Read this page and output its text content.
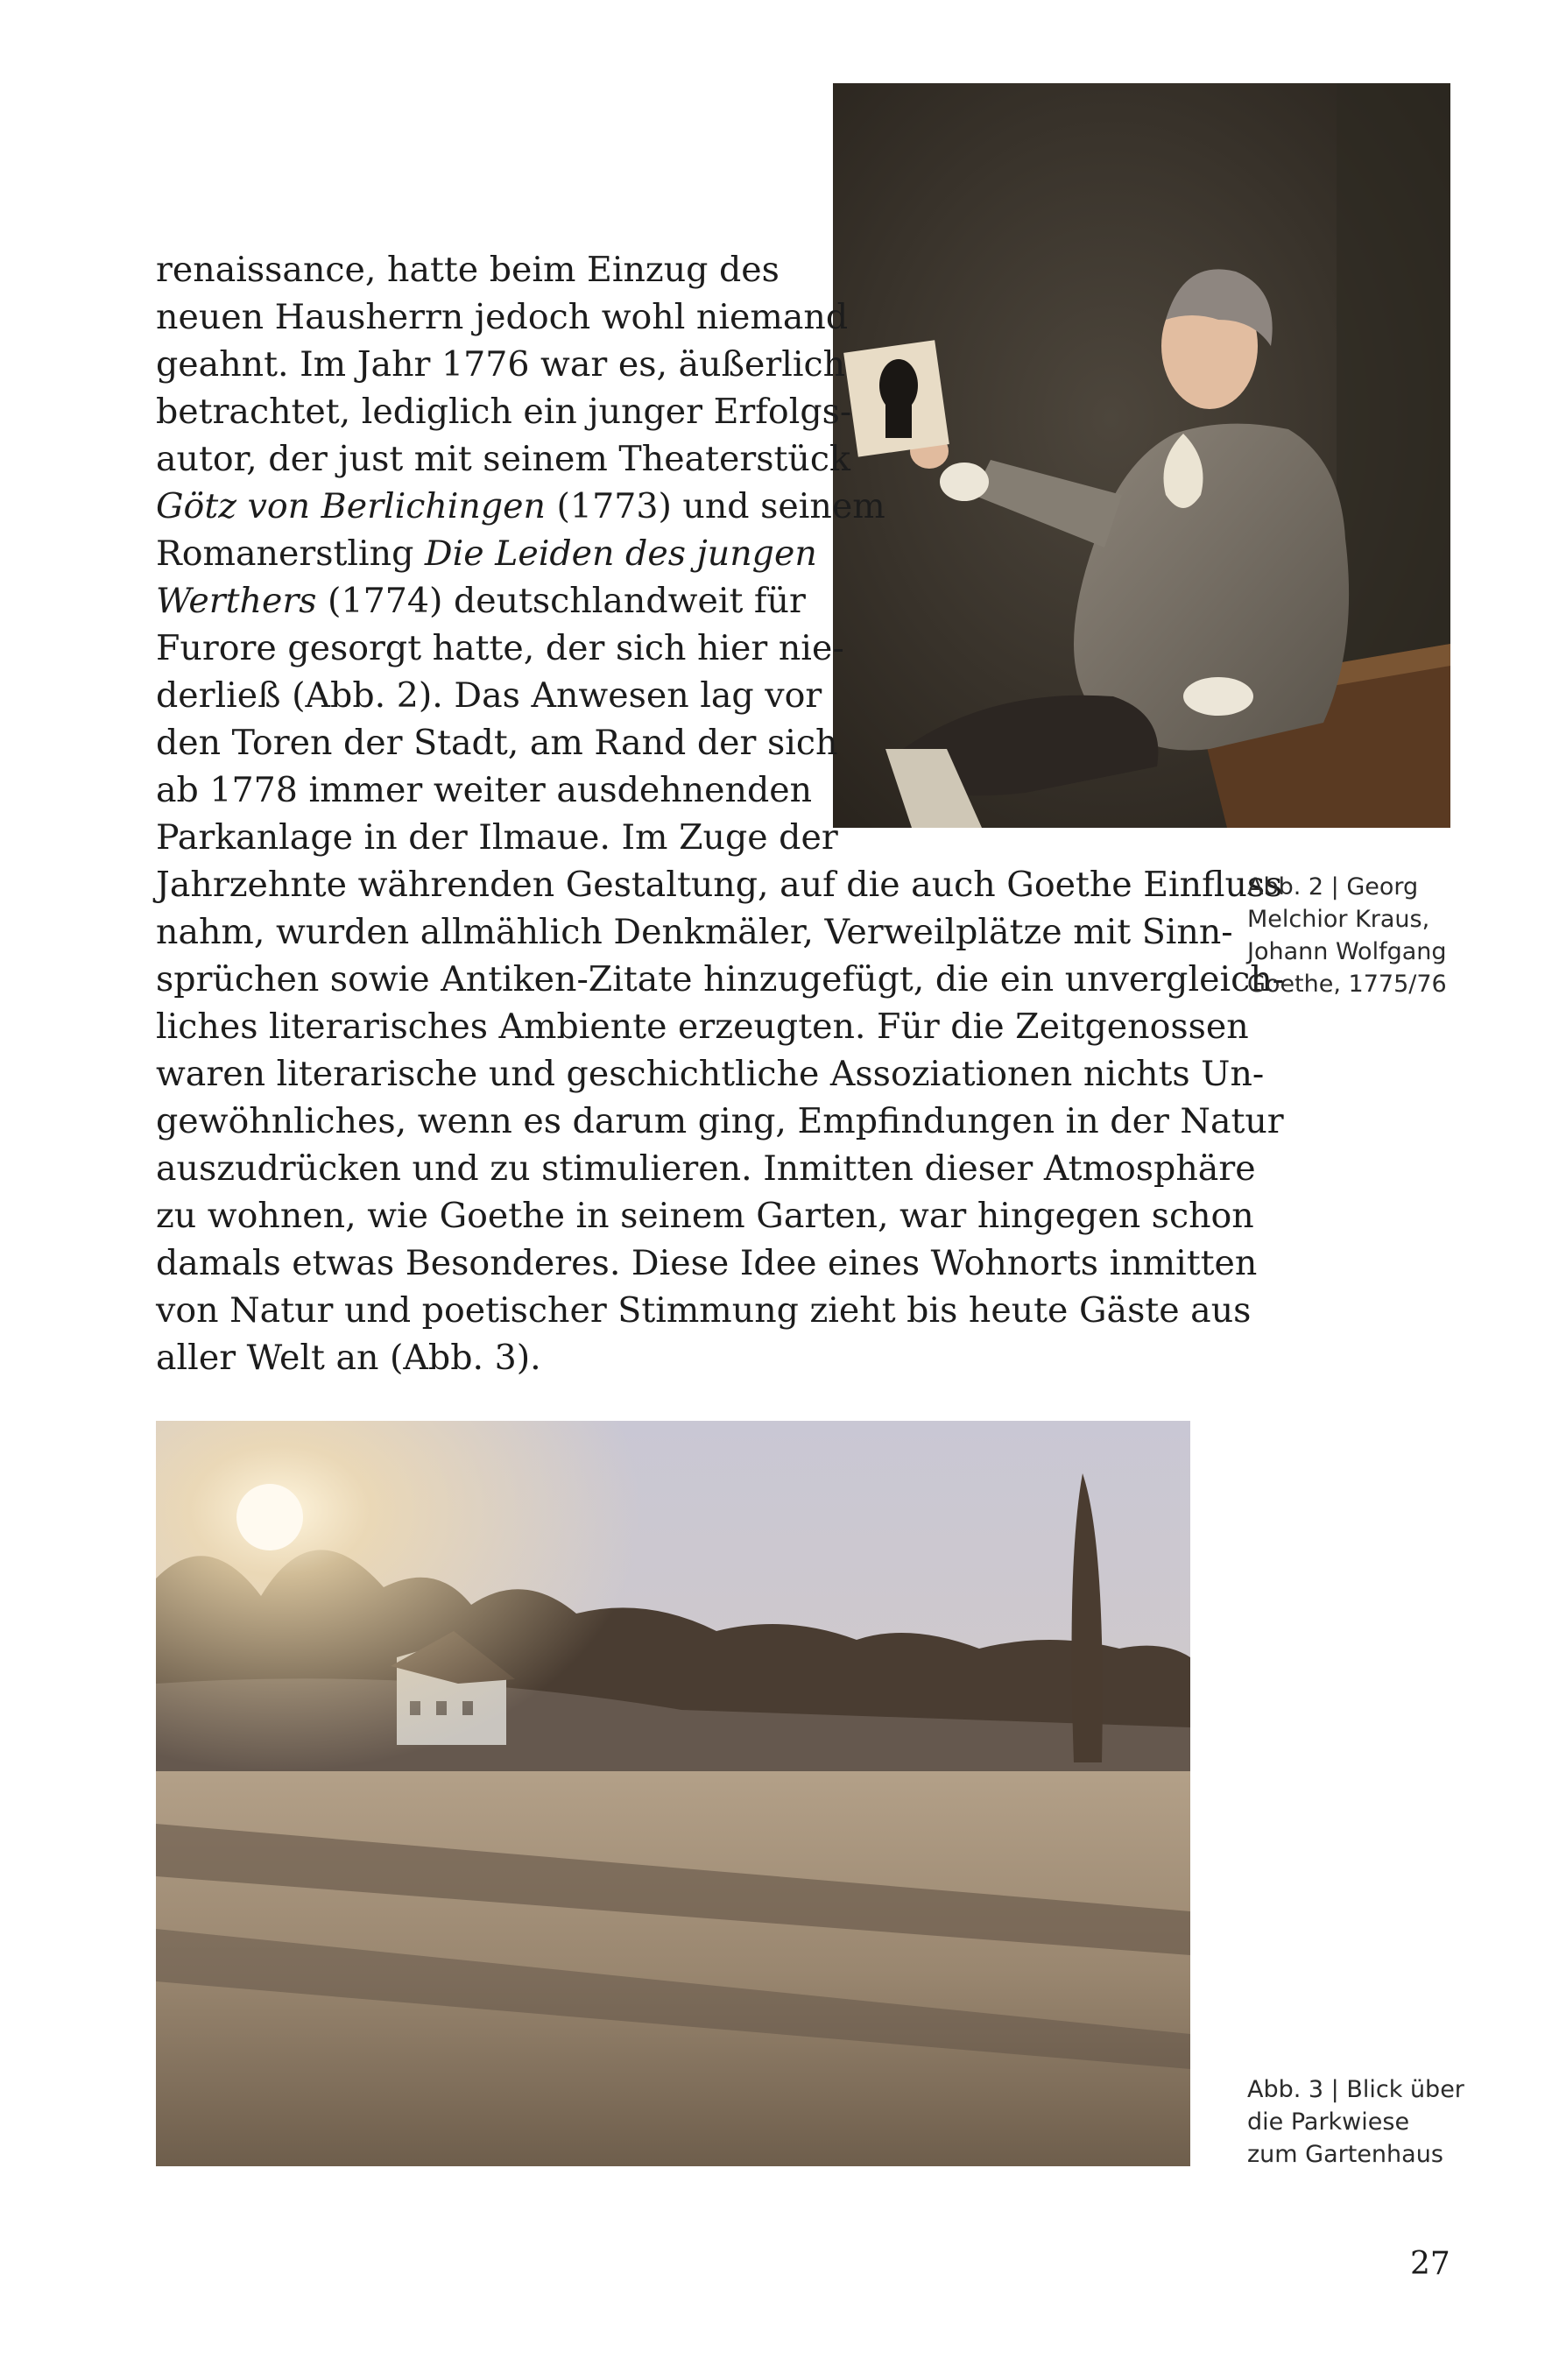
renaissance, hatte beim Einzug des

neuen Hausherrn jedoch wohl niemand

geahnt. Im Jahr 1776 war es, äußerlich

betrachtet, lediglich ein junger Erfolgs-

autor, der just mit seinem Theaterstück

Götz von Berlichingen (1773) und seinem

Romanerstling Die Leiden des jungen

Werthers (1774) deutschlandweit für

Furore gesorgt hatte, der sich hier nie-

derließ (Abb. 2). Das Anwesen lag vor

den Toren der Stadt, am Rand der sich

ab 1778 immer weiter ausdehnenden

Parkanlage in der Ilmaue. Im Zuge der

Jahrzehnte währenden Gestaltung, auf die auch Goethe Einfluss

nahm, wurden allmählich Denkmäler, Verweilplätze mit Sinn-

sprüchen sowie Antiken-Zitate hinzugefügt, die ein unvergleich-

liches literarisches Ambiente erzeugten. Für die Zeitgenossen

waren literarische und geschichtliche Assoziationen nichts Un-

gewöhnliches, wenn es darum ging, Empfindungen in der Natur

auszudrücken und zu stimulieren. Inmitten dieser Atmosphäre

zu wohnen, wie Goethe in seinem Garten, war hingegen schon

damals etwas Besonderes. Diese Idee eines Wohnorts inmitten

von Natur und poetischer Stimmung zieht bis heute Gäste aus

aller Welt an (Abb. 3).

Abb. 2 | Georg
Melchior Kraus,
Johann Wolfgang
Goethe, 1775/76
Abb. 3 | Blick über
die Parkwiese
zum Gartenhaus
27
